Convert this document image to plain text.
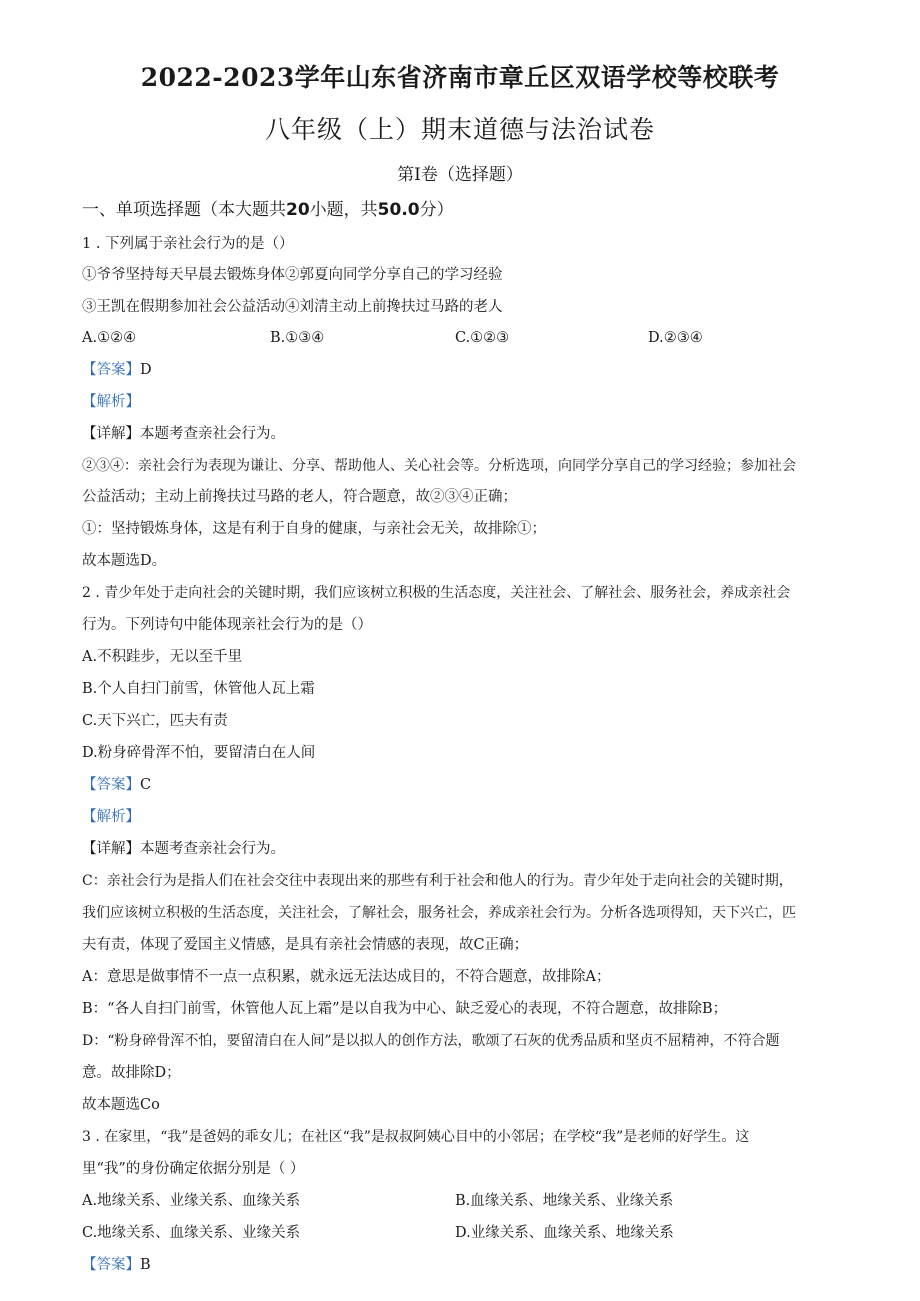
2022-2023学年山东省济南市章丘区双语学校等校联考
八年级（上）期末道德与法治试卷
第Ⅰ卷（选择题）
一、单项选择题（本大题共20小题，共50.0分）
1 . 下列属于亲社会行为的是（）
①爷爷坚持每天早晨去锻炼身体②郭夏向同学分享自己的学习经验
③王凯在假期参加社会公益活动④刘清主动上前搀扶过马路的老人
A.①②④	B.①③④	C.①②③	D.②③④
【答案】D
【解析】
【详解】本题考查亲社会行为。
②③④：亲社会行为表现为谦让、分享、帮助他人、关心社会等。分析选项，向同学分享自己的学习经验；参加社会
公益活动；主动上前搀扶过马路的老人，符合题意，故②③④正确；
①：坚持锻炼身体，这是有利于自身的健康，与亲社会无关，故排除①；
故本题选D。
2 . 青少年处于走向社会的关键时期，我们应该树立积极的生活态度，关注社会、了解社会、服务社会，养成亲社会
行为。下列诗句中能体现亲社会行为的是（）
A.不积跬步，无以至千里
B.个人自扫门前雪，休管他人瓦上霜
C.天下兴亡，匹夫有责
D.粉身碎骨浑不怕，要留清白在人间
【答案】C
【解析】
【详解】本题考查亲社会行为。
C：亲社会行为是指人们在社会交往中表现出来的那些有利于社会和他人的行为。青少年处于走向社会的关键时期，
我们应该树立积极的生活态度，关注社会，了解社会，服务社会，养成亲社会行为。分析各选项得知，天下兴亡，匹
夫有责，体现了爱国主义情感，是具有亲社会情感的表现，故C正确；
A：意思是做事情不一点一点积累，就永远无法达成目的，不符合题意，故排除A；
B：“各人自扫门前雪，休管他人瓦上霜”是以自我为中心、缺乏爱心的表现，不符合题意，故排除B；
D：“粉身碎骨浑不怕，要留清白在人间”是以拟人的创作方法，歌颂了石灰的优秀品质和坚贞不屈精神，不符合题
意。故排除D；
故本题选Co
3 . 在家里，“我”是爸妈的乖女儿；在社区“我”是叔叔阿姨心目中的小邻居；在学校“我”是老师的好学生。这
里“我”的身份确定依据分别是（ ）
A.地缘关系、业缘关系、血缘关系	B.血缘关系、地缘关系、业缘关系
C.地缘关系、血缘关系、业缘关系	D.业缘关系、血缘关系、地缘关系
【答案】B
